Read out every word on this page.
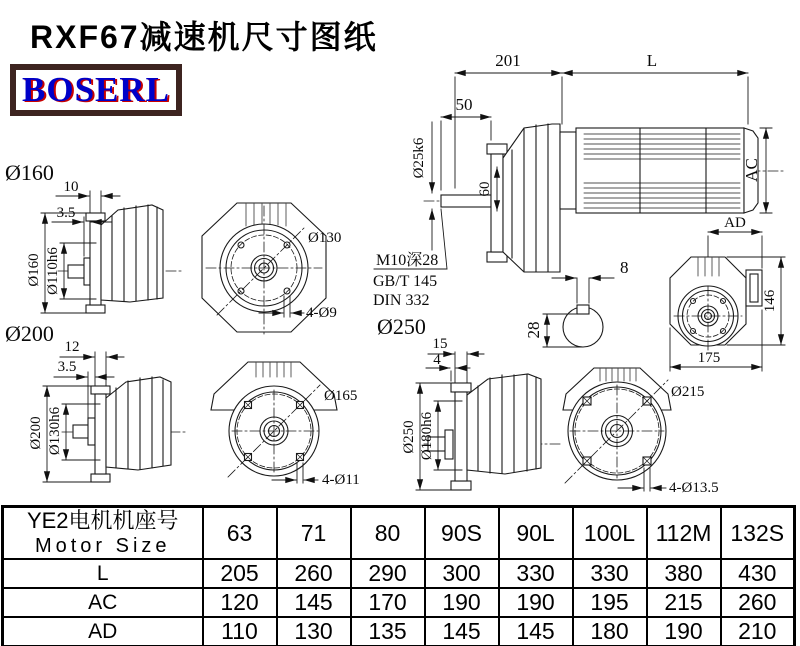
RXF67减速机尺寸图纸
BOSERL
Ø160
Ø200	Ø250
201	L
50
Ø25k6
60
AC
M10深28
GB/T 145
DIN 332
Ø160 Ø110h6
10
3.5
Ø130
4-Ø9
8
28
AD
146
175
Ø200 Ø130h6
12
3.5
Ø165
4-Ø11
Ø250 Ø180h6
15
4
Ø215
4-Ø13.5
YE2电机机座号
Motor Size	63	71	80	90S	90L	100L	112M	132S
L	205	260	290	300	330	330	380	430
AC	120	145	170	190	190	195	215	260
AD	110	130	135	145	145	180	190	210
